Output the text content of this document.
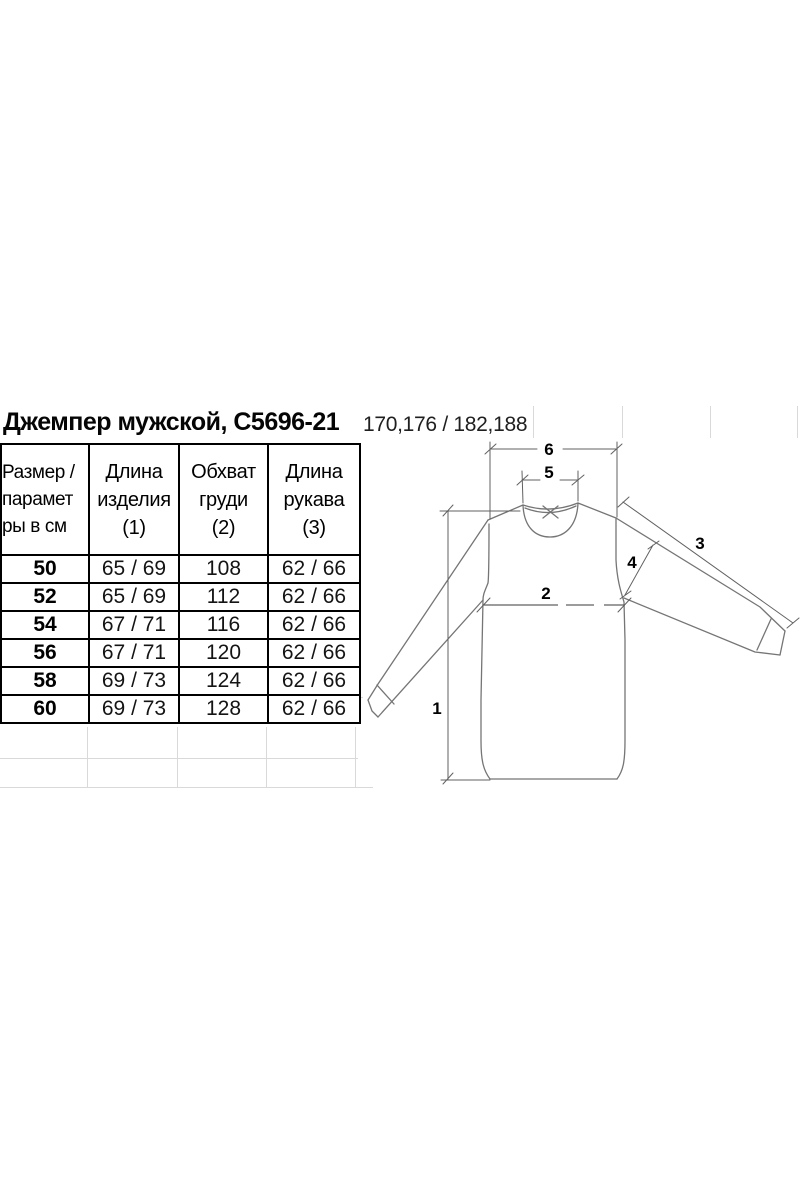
Джемпер мужской, С5696-21 170,176 / 182,188
Размер /
парамет
ры в см	Длина
изделия
(1)	Обхват
груди
(2)	Длина
рукава
(3)

50	65 / 69	108	62 / 66
52	65 / 69	112	62 / 66
54	67 / 71	116	62 / 66
56	67 / 71	120	62 / 66
58	69 / 73	124	62 / 66
60	69 / 73	128	62 / 66	1
2
3
4
5
6
